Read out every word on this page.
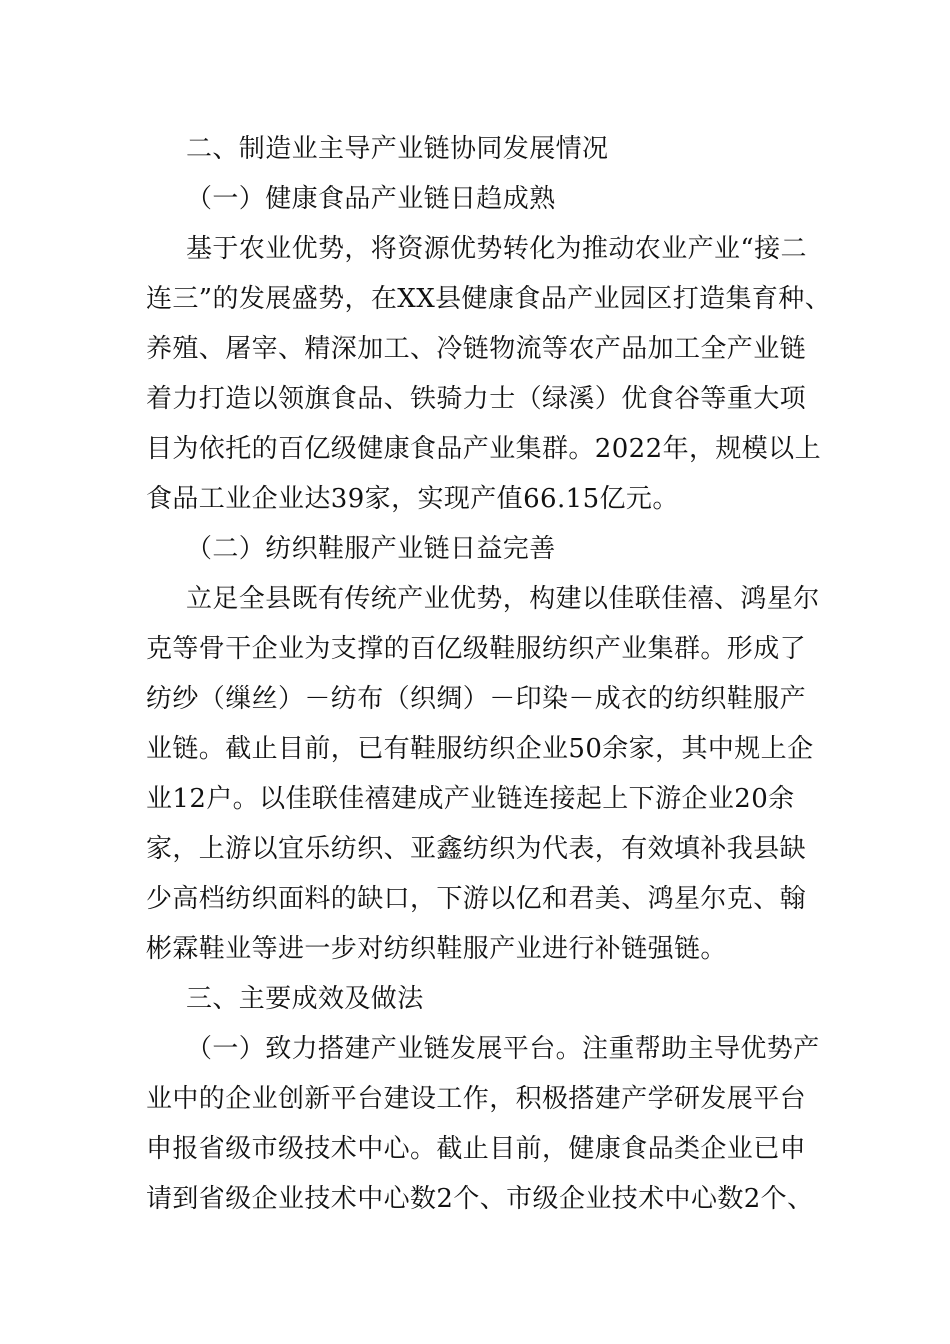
二、制造业主导产业链协同发展情况
（一）健康食品产业链日趋成熟
基于农业优势，将资源优势转化为推动农业产业“接二
连三”的发展盛势，在XX县健康食品产业园区打造集育种、
养殖、屠宰、精深加工、冷链物流等农产品加工全产业链
着力打造以领旗食品、铁骑力士（绿溪）优食谷等重大项
目为依托的百亿级健康食品产业集群。2022年，规模以上
食品工业企业达39家，实现产值66.15亿元。
（二）纺织鞋服产业链日益完善
立足全县既有传统产业优势，构建以佳联佳禧、鸿星尔
克等骨干企业为支撑的百亿级鞋服纺织产业集群。形成了
纺纱（缫丝）－纺布（织绸）－印染－成衣的纺织鞋服产
业链。截止目前，已有鞋服纺织企业50余家，其中规上企
业12户。以佳联佳禧建成产业链连接起上下游企业20余
家，上游以宜乐纺织、亚鑫纺织为代表，有效填补我县缺
少高档纺织面料的缺口，下游以亿和君美、鸿星尔克、翰
彬霖鞋业等进一步对纺织鞋服产业进行补链强链。
三、主要成效及做法
（一）致力搭建产业链发展平台。注重帮助主导优势产
业中的企业创新平台建设工作，积极搭建产学研发展平台
申报省级市级技术中心。截止目前，健康食品类企业已申
请到省级企业技术中心数2个、市级企业技术中心数2个、
